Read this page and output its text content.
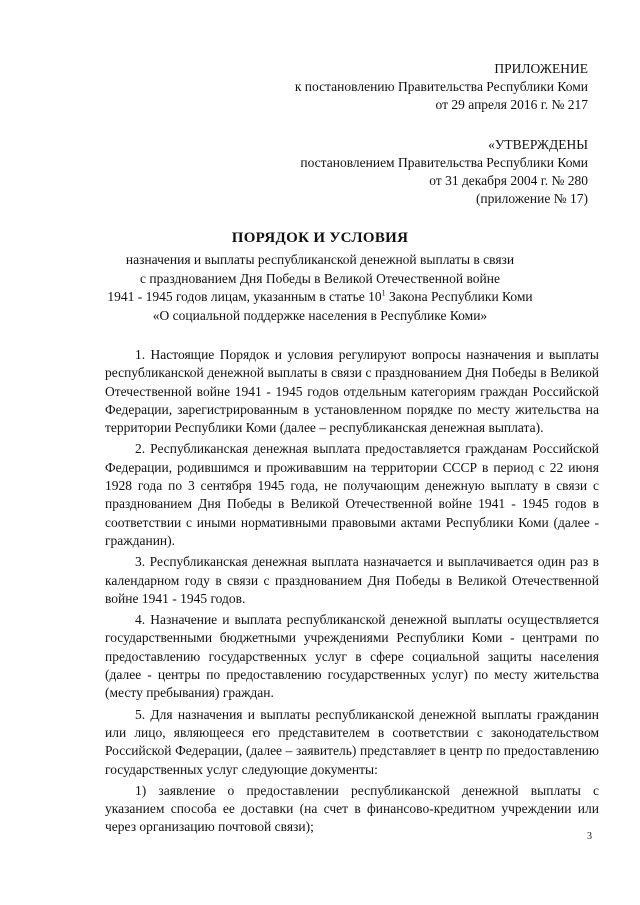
ПРИЛОЖЕНИЕ
к постановлению Правительства Республики Коми
от 29 апреля 2016 г. № 217
«УТВЕРЖДЕНЫ
постановлением Правительства Республики Коми
от 31 декабря 2004 г. № 280
(приложение № 17)
ПОРЯДОК И УСЛОВИЯ
назначения и выплаты республиканской денежной выплаты в связи
с празднованием Дня Победы в Великой Отечественной войне
1941 - 1945 годов лицам, указанным в статье $10^1$ Закона Республики Коми
«О социальной поддержке населения в Республике Коми»

1. Настоящие Порядок и условия регулируют вопросы назначения и выплаты республиканской денежной выплаты в связи с празднованием Дня Победы в Великой Отечественной войне 1941 - 1945 годов отдельным категориям граждан Российской Федерации, зарегистрированным в установленном порядке по месту жительства на территории Республики Коми (далее – республиканская денежная выплата).

2. Республиканская денежная выплата предоставляется гражданам Российской Федерации, родившимся и проживавшим на территории СССР в период с 22 июня 1928 года по 3 сентября 1945 года, не получающим денежную выплату в связи с празднованием Дня Победы в Великой Отечественной войне 1941 - 1945 годов в соответствии с иными нормативными правовыми актами Республики Коми (далее - гражданин).

3. Республиканская денежная выплата назначается и выплачивается один раз в календарном году в связи с празднованием Дня Победы в Великой Отечественной войне 1941 - 1945 годов.

4. Назначение и выплата республиканской денежной выплаты осуществляется государственными бюджетными учреждениями Республики Коми - центрами по предоставлению государственных услуг в сфере социальной защиты населения (далее - центры по предоставлению государственных услуг) по месту жительства (месту пребывания) граждан.

5. Для назначения и выплаты республиканской денежной выплаты гражданин или лицо, являющееся его представителем в соответствии с законодательством Российской Федерации, (далее – заявитель) представляет в центр по предоставлению государственных услуг следующие документы:

1) заявление о предоставлении республиканской денежной выплаты с указанием способа ее доставки (на счет в финансово-кредитном учреждении или через организацию почтовой связи);

3
